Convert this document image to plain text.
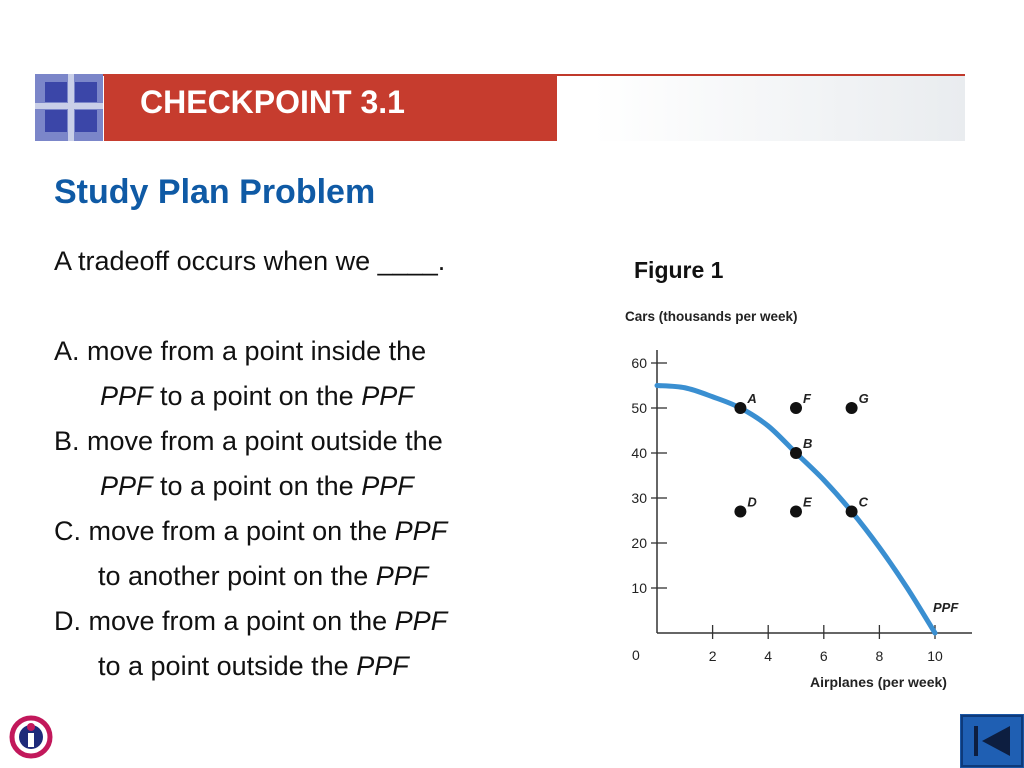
CHECKPOINT 3.1
Study Plan Problem
A tradeoff occurs when we ____.
A. move from a point inside the
PPF to a point on the PPF
B. move from a point outside the
PPF to a point on the PPF
C. move from a point on the PPF
to another point on the PPF
D. move from a point on the PPF
to a point outside the PPF
Figure 1
Cars (thousands per week)
Airplanes (per week)
0
10
20
30
40
50
60
2	4	6	8	10
A	F	G
B
D	E	C
PPF
